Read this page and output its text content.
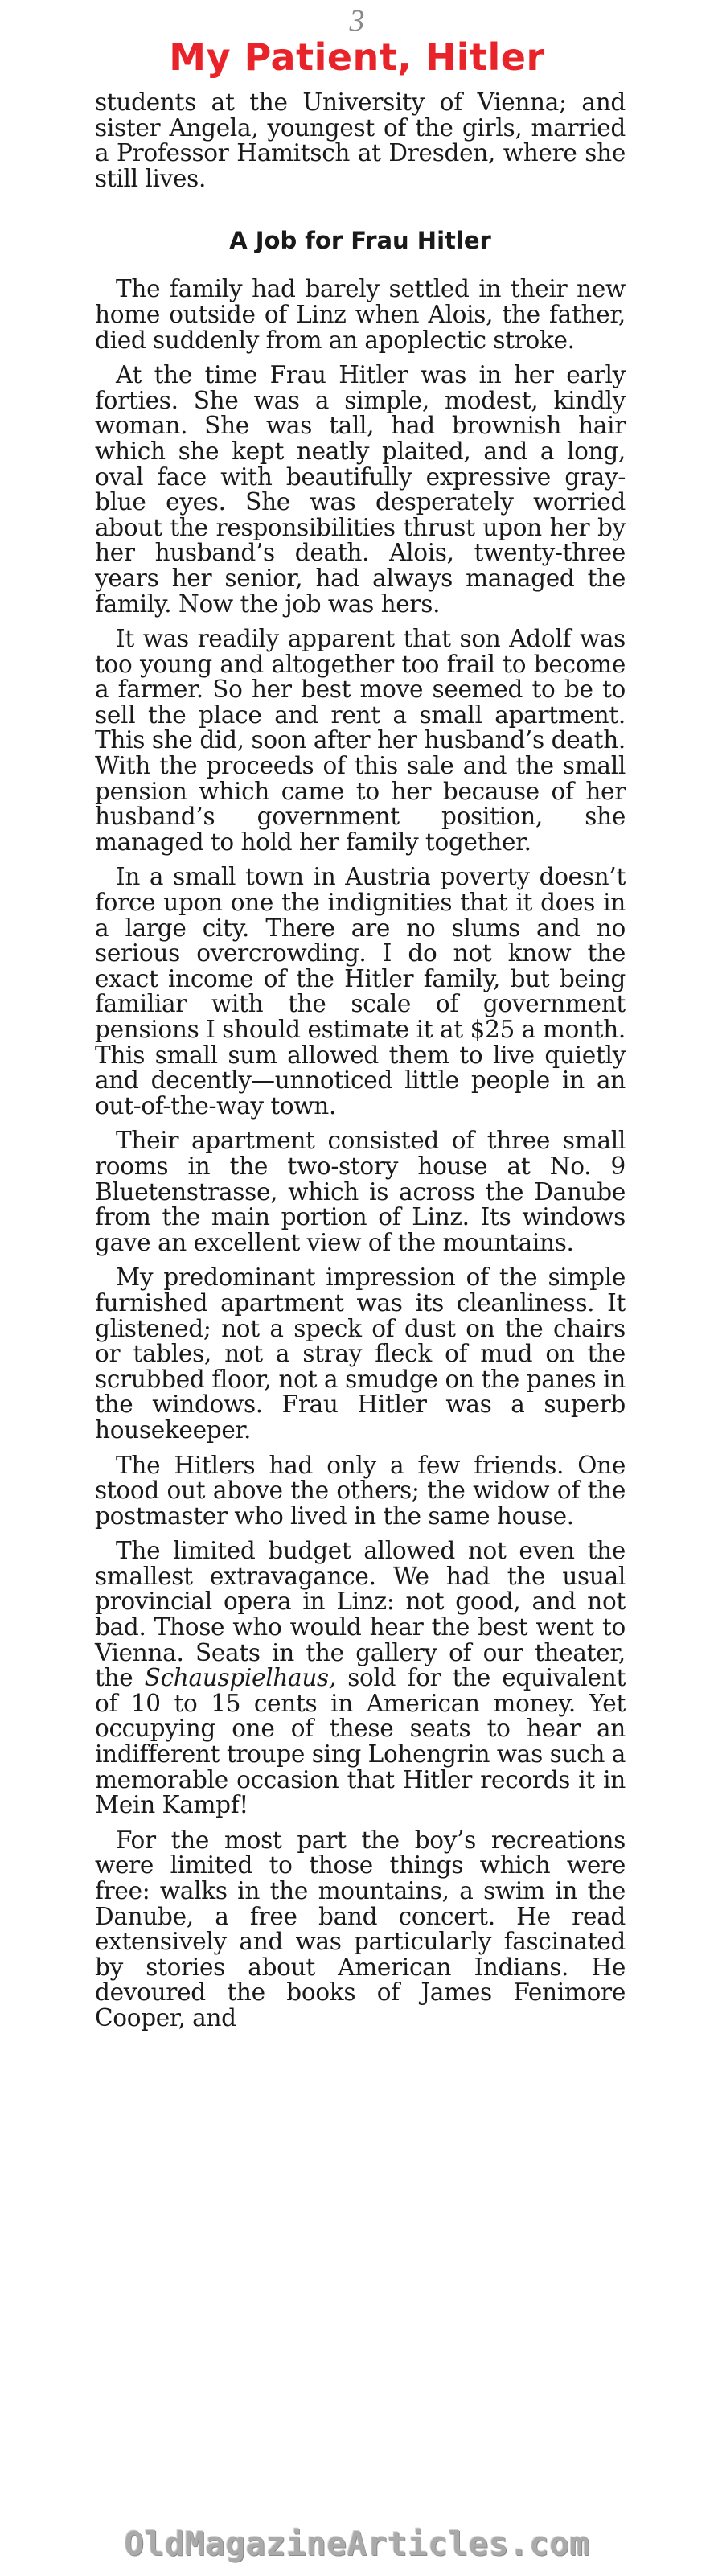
3
My Patient, Hitler

students at the University of Vienna; and sister Angela, youngest of the girls, married a Professor Hamitsch at Dresden, where she still lives.

A Job for Frau Hitler

The family had barely settled in their new home outside of Linz when Alois, the father, died suddenly from an apoplectic stroke.

At the time Frau Hitler was in her early forties. She was a simple, modest, kindly woman. She was tall, had brownish hair which she kept neatly plaited, and a long, oval face with beautifully expressive gray-blue eyes. She was desperately worried about the responsibilities thrust upon her by her husband’s death. Alois, twenty-three years her senior, had always managed the family. Now the job was hers.

It was readily apparent that son Adolf was too young and altogether too frail to become a farmer. So her best move seemed to be to sell the place and rent a small apartment. This she did, soon after her husband’s death. With the proceeds of this sale and the small pension which came to her because of her husband’s government position, she managed to hold her family together.

In a small town in Austria poverty doesn’t force upon one the indignities that it does in a large city. There are no slums and no serious overcrowding. I do not know the exact income of the Hitler family, but being familiar with the scale of government pensions I should estimate it at $25 a month. This small sum allowed them to live quietly and decently—unnoticed little people in an out-of-the-way town.

Their apartment consisted of three small rooms in the two-story house at No. 9 Bluetenstrasse, which is across the Danube from the main portion of Linz. Its windows gave an excellent view of the mountains.

My predominant impression of the simple furnished apartment was its cleanliness. It glistened; not a speck of dust on the chairs or tables, not a stray fleck of mud on the scrubbed floor, not a smudge on the panes in the windows. Frau Hitler was a superb housekeeper.

The Hitlers had only a few friends. One stood out above the others; the widow of the postmaster who lived in the same house.

The limited budget allowed not even the smallest extravagance. We had the usual provincial opera in Linz: not good, and not bad. Those who would hear the best went to Vienna. Seats in the gallery of our theater, the Schauspielhaus, sold for the equivalent of 10 to 15 cents in American money. Yet occupying one of these seats to hear an indifferent troupe sing Lohengrin was such a memorable occasion that Hitler records it in Mein Kampf!

For the most part the boy’s recreations were limited to those things which were free: walks in the mountains, a swim in the Danube, a free band concert. He read extensively and was particularly fascinated by stories about American Indians. He devoured the books of James Fenimore Cooper, and

OldMagazineArticles.com
